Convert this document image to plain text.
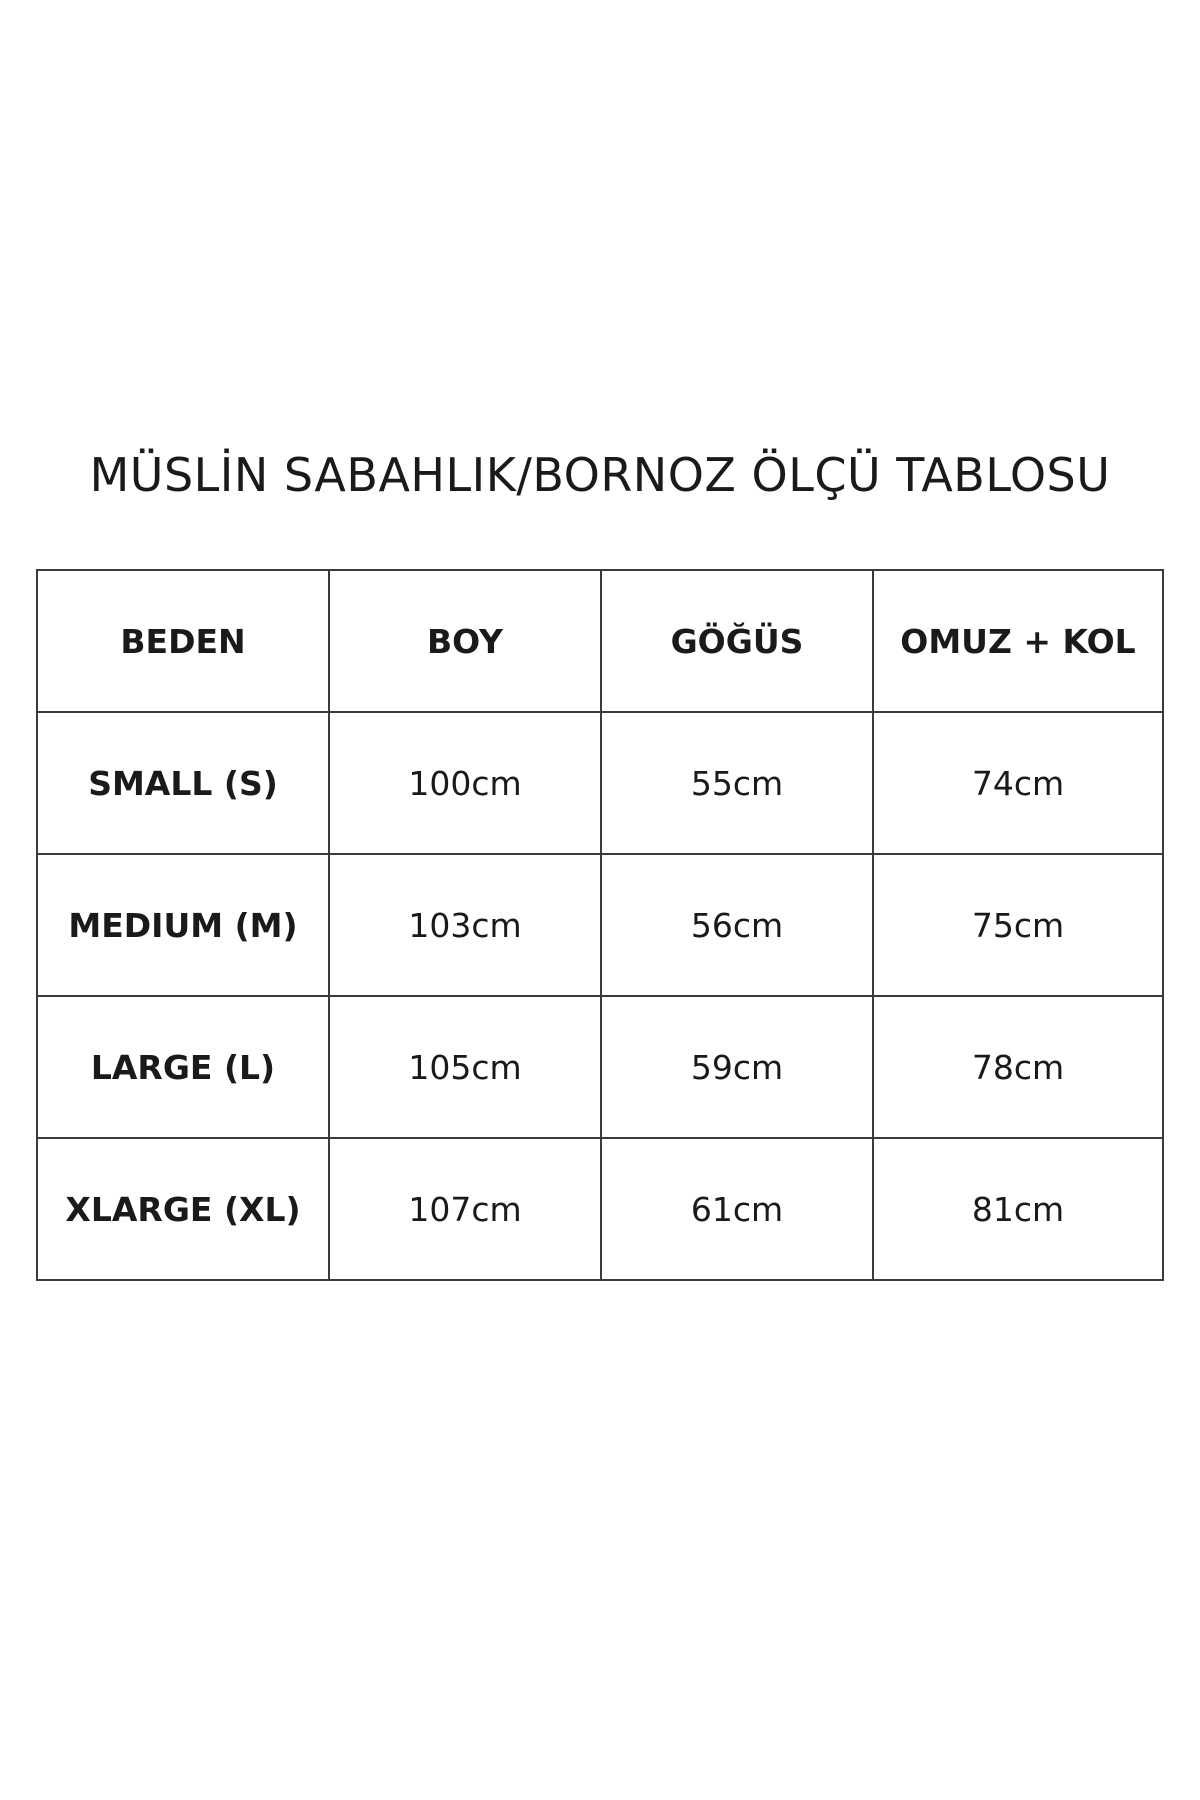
MÜSLİN SABAHLIK/BORNOZ ÖLÇÜ TABLOSU
BEDEN	BOY	GÖĞÜS	OMUZ + KOL
SMALL (S)	100cm	55cm	74cm
MEDIUM (M)	103cm	56cm	75cm
LARGE (L)	105cm	59cm	78cm
XLARGE (XL)	107cm	61cm	81cm
